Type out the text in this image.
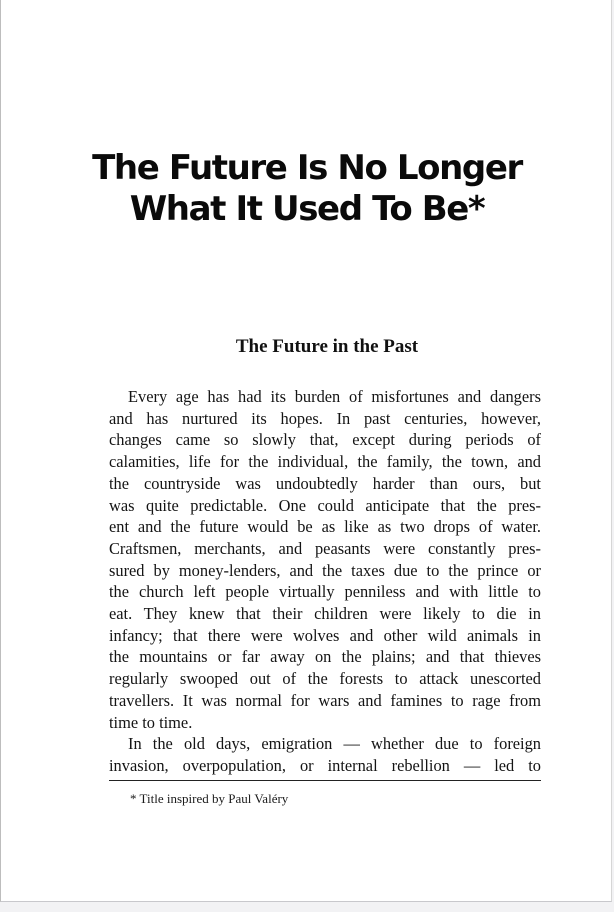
The Future Is No Longer
What It Used To Be*
The Future in the Past
Every age has had its burden of misfortunes and dangers
and has nurtured its hopes. In past centuries, however,
changes came so slowly that, except during periods of
calamities, life for the individual, the family, the town, and
the countryside was undoubtedly harder than ours, but
was quite predictable. One could anticipate that the pres-
ent and the future would be as like as two drops of water.
Craftsmen, merchants, and peasants were constantly pres-
sured by money-lenders, and the taxes due to the prince or
the church left people virtually penniless and with little to
eat. They knew that their children were likely to die in
infancy; that there were wolves and other wild animals in
the mountains or far away on the plains; and that thieves
regularly swooped out of the forests to attack unescorted
travellers. It was normal for wars and famines to rage from
time to time.
In the old days, emigration — whether due to foreign
invasion, overpopulation, or internal rebellion — led to

* Title inspired by Paul Valéry
